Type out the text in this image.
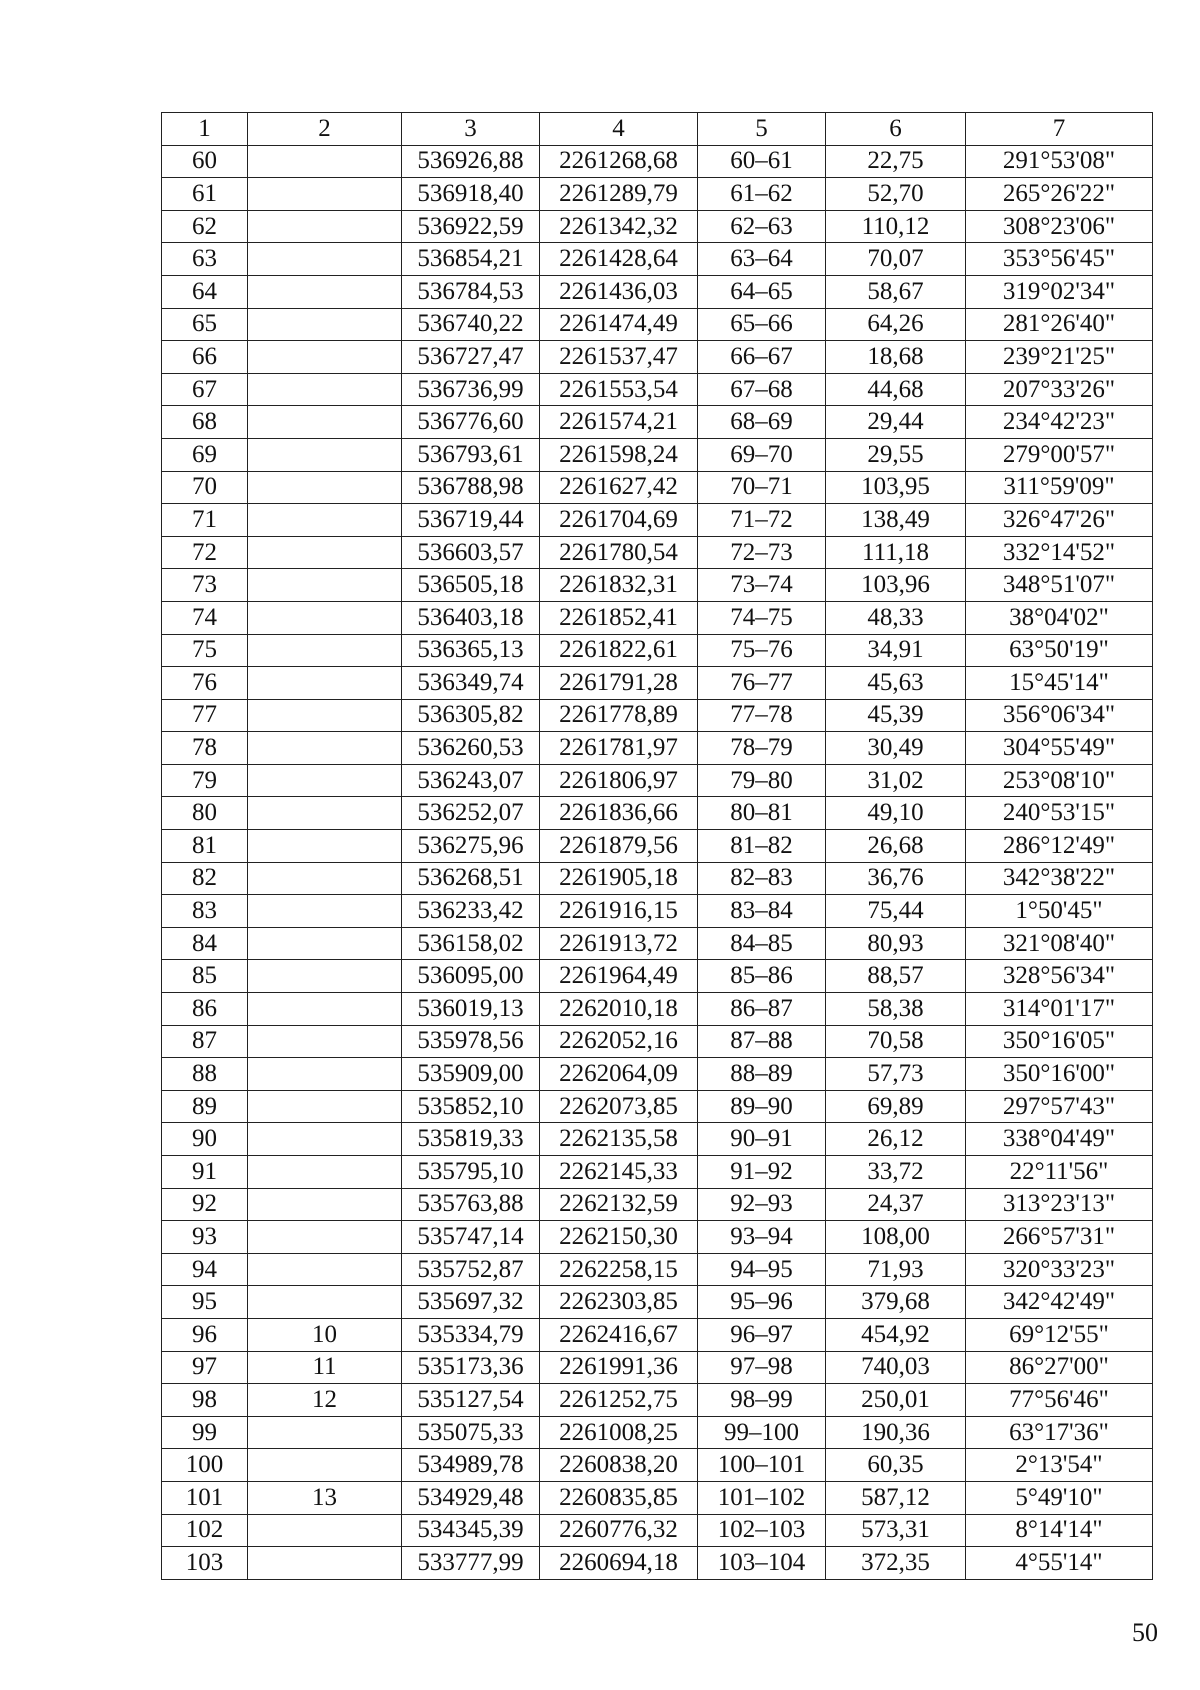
1	2	3	4	5	6	7
60		536926,88	2261268,68	60–61	22,75	291°53'08"
61		536918,40	2261289,79	61–62	52,70	265°26'22"
62		536922,59	2261342,32	62–63	110,12	308°23'06"
63		536854,21	2261428,64	63–64	70,07	353°56'45"
64		536784,53	2261436,03	64–65	58,67	319°02'34"
65		536740,22	2261474,49	65–66	64,26	281°26'40"
66		536727,47	2261537,47	66–67	18,68	239°21'25"
67		536736,99	2261553,54	67–68	44,68	207°33'26"
68		536776,60	2261574,21	68–69	29,44	234°42'23"
69		536793,61	2261598,24	69–70	29,55	279°00'57"
70		536788,98	2261627,42	70–71	103,95	311°59'09"
71		536719,44	2261704,69	71–72	138,49	326°47'26"
72		536603,57	2261780,54	72–73	111,18	332°14'52"
73		536505,18	2261832,31	73–74	103,96	348°51'07"
74		536403,18	2261852,41	74–75	48,33	38°04'02"
75		536365,13	2261822,61	75–76	34,91	63°50'19"
76		536349,74	2261791,28	76–77	45,63	15°45'14"
77		536305,82	2261778,89	77–78	45,39	356°06'34"
78		536260,53	2261781,97	78–79	30,49	304°55'49"
79		536243,07	2261806,97	79–80	31,02	253°08'10"
80		536252,07	2261836,66	80–81	49,10	240°53'15"
81		536275,96	2261879,56	81–82	26,68	286°12'49"
82		536268,51	2261905,18	82–83	36,76	342°38'22"
83		536233,42	2261916,15	83–84	75,44	1°50'45"
84		536158,02	2261913,72	84–85	80,93	321°08'40"
85		536095,00	2261964,49	85–86	88,57	328°56'34"
86		536019,13	2262010,18	86–87	58,38	314°01'17"
87		535978,56	2262052,16	87–88	70,58	350°16'05"
88		535909,00	2262064,09	88–89	57,73	350°16'00"
89		535852,10	2262073,85	89–90	69,89	297°57'43"
90		535819,33	2262135,58	90–91	26,12	338°04'49"
91		535795,10	2262145,33	91–92	33,72	22°11'56"
92		535763,88	2262132,59	92–93	24,37	313°23'13"
93		535747,14	2262150,30	93–94	108,00	266°57'31"
94		535752,87	2262258,15	94–95	71,93	320°33'23"
95		535697,32	2262303,85	95–96	379,68	342°42'49"
96	10	535334,79	2262416,67	96–97	454,92	69°12'55"
97	11	535173,36	2261991,36	97–98	740,03	86°27'00"
98	12	535127,54	2261252,75	98–99	250,01	77°56'46"
99		535075,33	2261008,25	99–100	190,36	63°17'36"
100		534989,78	2260838,20	100–101	60,35	2°13'54"
101	13	534929,48	2260835,85	101–102	587,12	5°49'10"
102		534345,39	2260776,32	102–103	573,31	8°14'14"
103		533777,99	2260694,18	103–104	372,35	4°55'14"
50
